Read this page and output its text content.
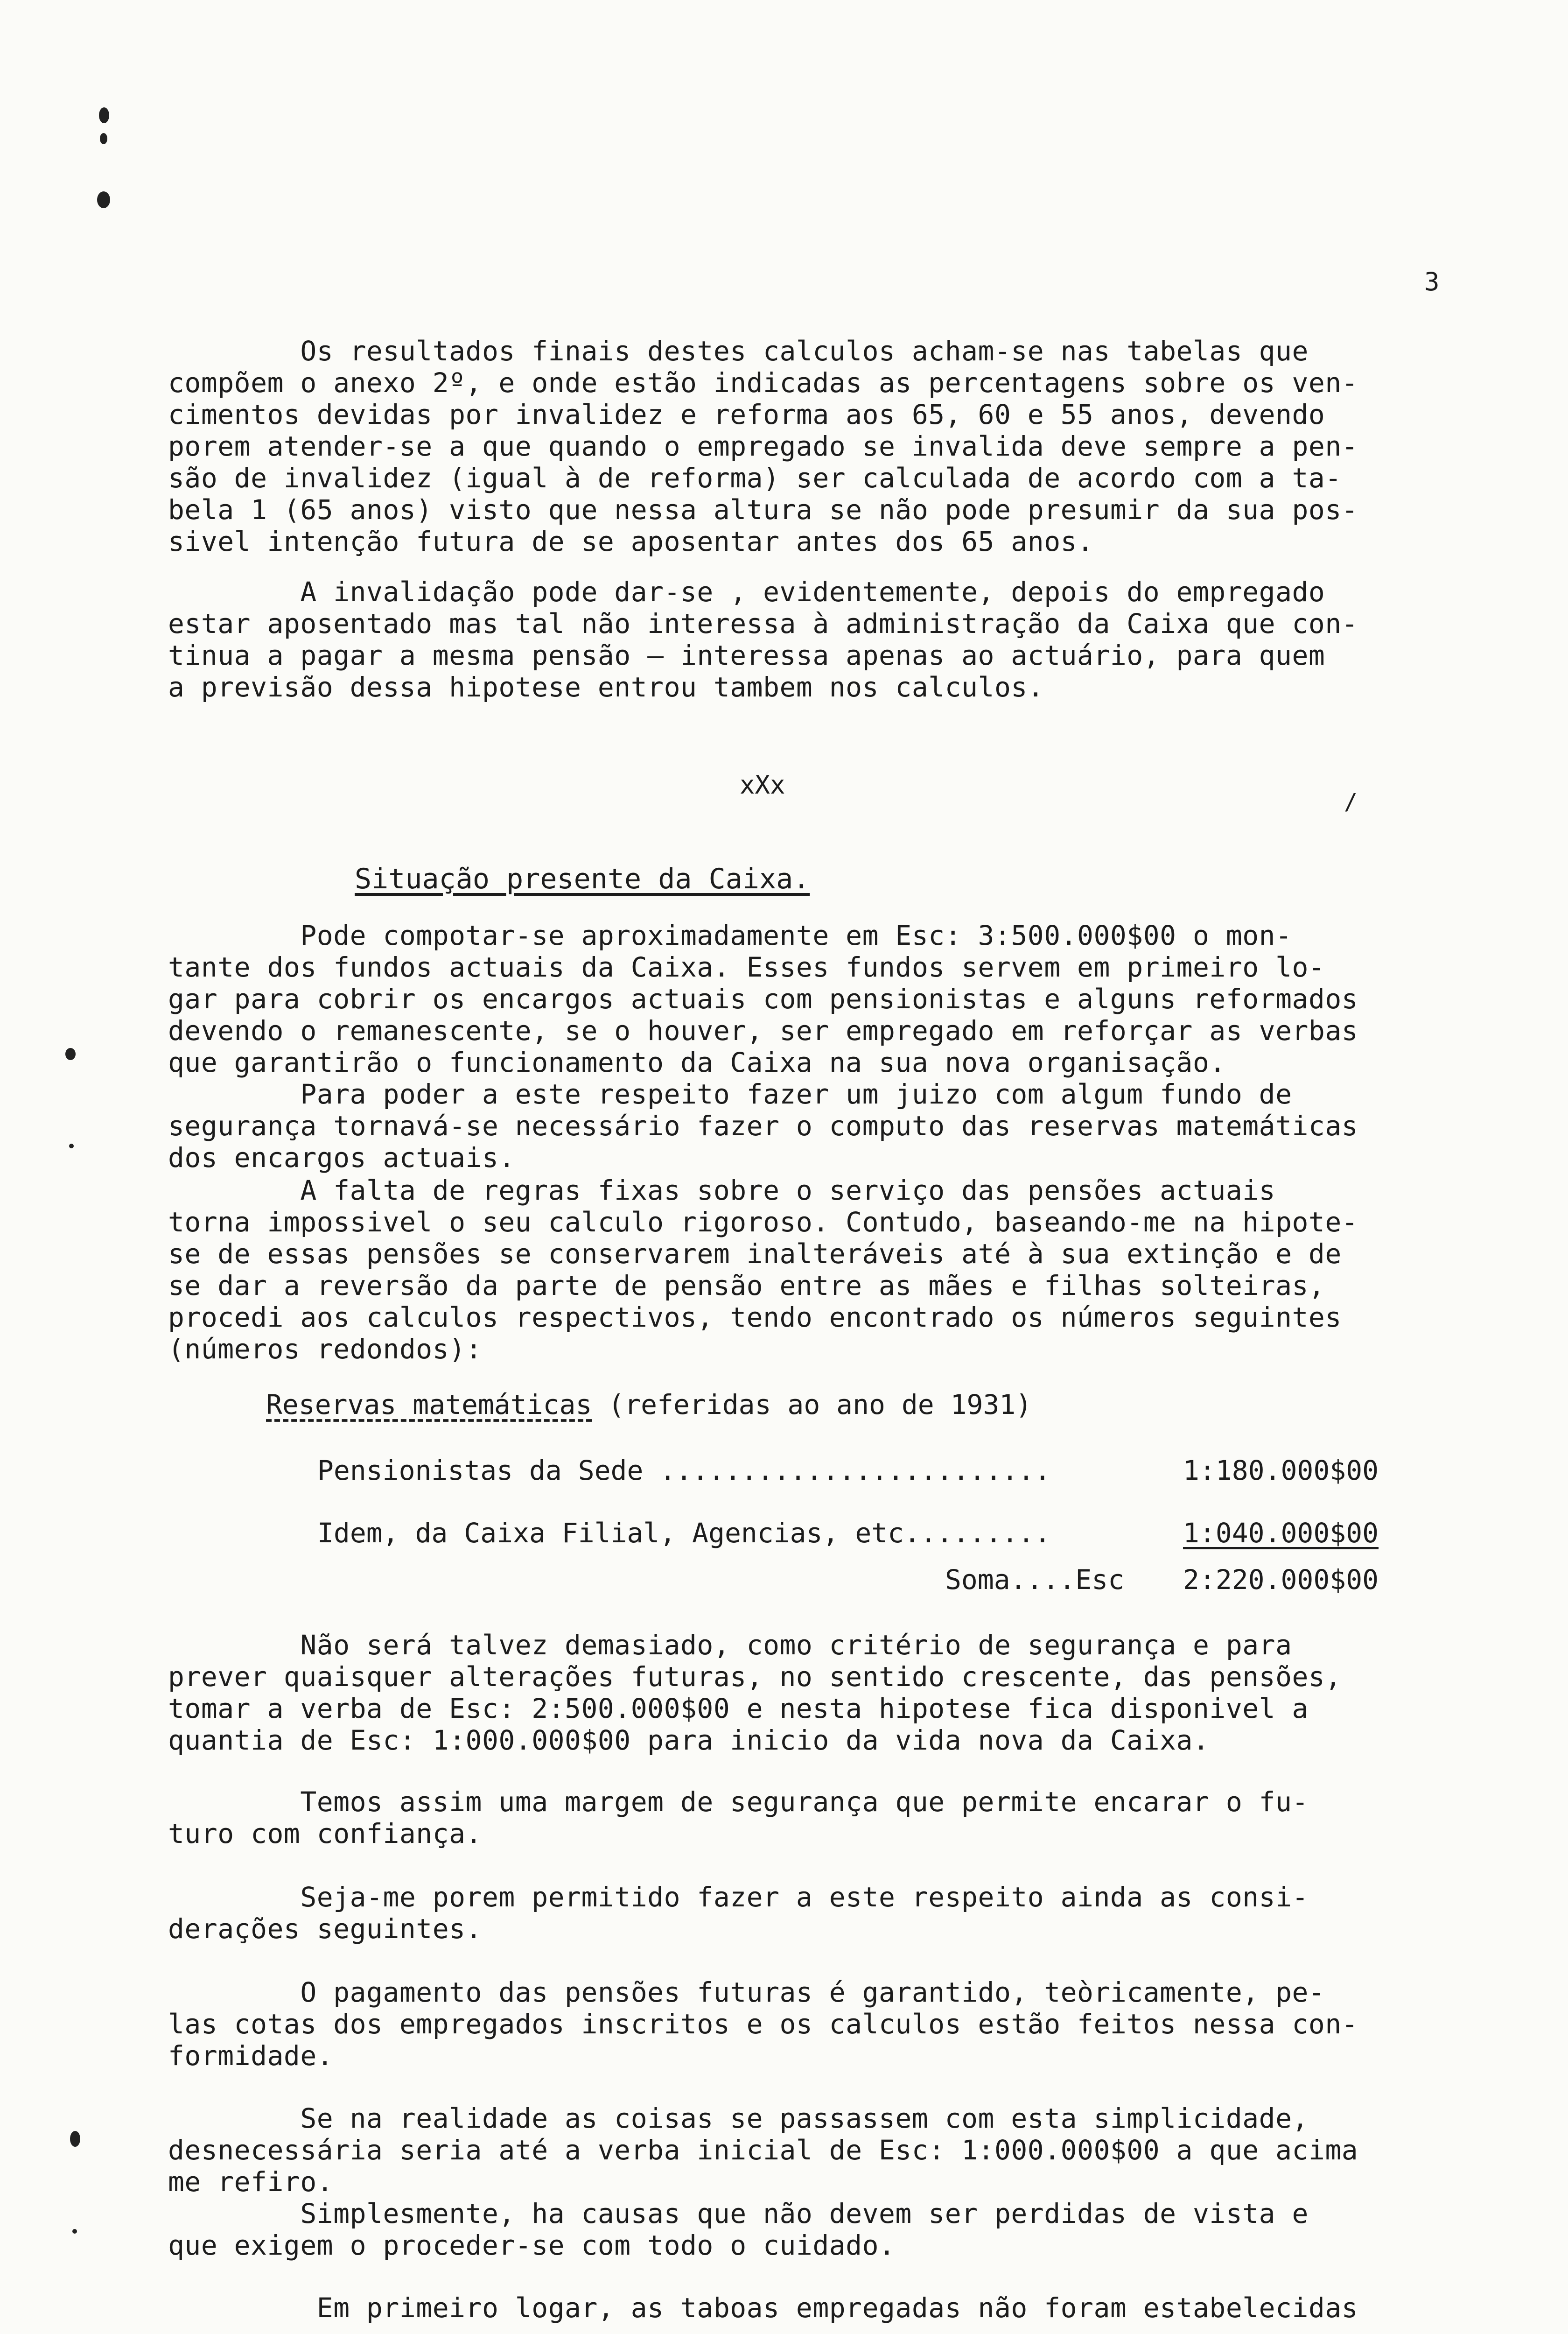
3
Os resultados finais destes calculos acham-se nas tabelas que
compõem o anexo 2º, e onde estão indicadas as percentagens sobre os ven-
cimentos devidas por invalidez e reforma aos 65, 60 e 55 anos, devendo
porem atender-se a que quando o empregado se invalida deve sempre a pen-
são de invalidez (igual à de reforma) ser calculada de acordo com a ta-
bela 1 (65 anos) visto que nessa altura se não pode presumir da sua pos-
sivel intenção futura de se aposentar antes dos 65 anos.
A invalidação pode dar-se , evidentemente, depois do empregado
estar aposentado mas tal não interessa à administração da Caixa que con-
tinua a pagar a mesma pensão — interessa apenas ao actuário, para quem
a previsão dessa hipotese entrou tambem nos calculos.
xXx
/
Situação presente da Caixa.
Pode compotar-se aproximadamente em Esc: 3:500.000$00 o mon-
tante dos fundos actuais da Caixa. Esses fundos servem em primeiro lo-
gar para cobrir os encargos actuais com pensionistas e alguns reformados
devendo o remanescente, se o houver, ser empregado em reforçar as verbas
que garantirão o funcionamento da Caixa na sua nova organisação.
Para poder a este respeito fazer um juizo com algum fundo de
segurança tornavá-se necessário fazer o computo das reservas matemáticas
dos encargos actuais.
A falta de regras fixas sobre o serviço das pensões actuais
torna impossivel o seu calculo rigoroso. Contudo, baseando-me na hipote-
se de essas pensões se conservarem inalteráveis até à sua extinção e de
se dar a reversão da parte de pensão entre as mães e filhas solteiras,
procedi aos calculos respectivos, tendo encontrado os números seguintes
(números redondos):
Reservas matemáticas (referidas ao ano de 1931)
Pensionistas da Sede ........................	1:180.000$00
Idem, da Caixa Filial, Agencias, etc.........	1:040.000$00
Soma....Esc 2:220.000$00
Não será talvez demasiado, como critério de segurança e para
prever quaisquer alterações futuras, no sentido crescente, das pensões,
tomar a verba de Esc: 2:500.000$00 e nesta hipotese fica disponivel a
quantia de Esc: 1:000.000$00 para inicio da vida nova da Caixa.
Temos assim uma margem de segurança que permite encarar o fu-
turo com confiança.
Seja-me porem permitido fazer a este respeito ainda as consi-
derações seguintes.
O pagamento das pensões futuras é garantido, teòricamente, pe-
las cotas dos empregados inscritos e os calculos estão feitos nessa con-
formidade.
Se na realidade as coisas se passassem com esta simplicidade,
desnecessária seria até a verba inicial de Esc: 1:000.000$00 a que acima
me refiro.
Simplesmente, ha causas que não devem ser perdidas de vista e
que exigem o proceder-se com todo o cuidado.
Em primeiro logar, as taboas empregadas não foram estabelecidas
